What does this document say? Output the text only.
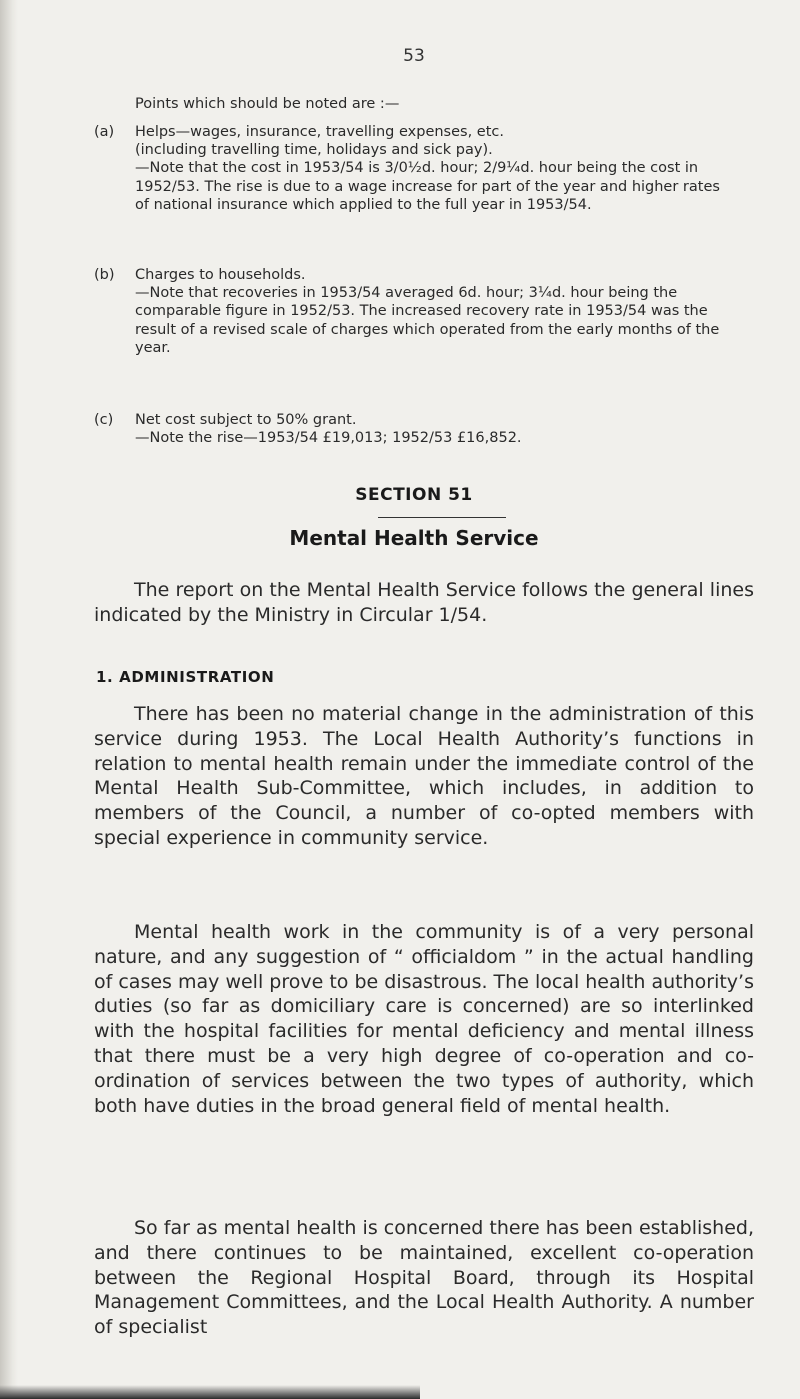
53
Points which should be noted are :—
(a)	Helps—wages, insurance, travelling expenses, etc.
(including travelling time, holidays and sick pay).
—Note that the cost in 1953/54 is 3/0½d. hour; 2/9¼d. hour being the cost in 1952/53. The rise is due to a wage increase for part of the year and higher rates of national insurance which applied to the full year in 1953/54.
(b)	Charges to households.
—Note that recoveries in 1953/54 averaged 6d. hour; 3¼d. hour being the comparable figure in 1952/53. The increased recovery rate in 1953/54 was the result of a revised scale of charges which operated from the early months of the year.
(c)	Net cost subject to 50% grant.
—Note the rise—1953/54 £19,013; 1952/53 £16,852.
SECTION 51
Mental Health Service
The report on the Mental Health Service follows the general lines indicated by the Ministry in Circular 1/54.
1. ADMINISTRATION
There has been no material change in the administration of this service during 1953. The Local Health Authority’s functions in relation to mental health remain under the immediate control of the Mental Health Sub-Committee, which includes, in addition to members of the Council, a number of co-opted members with special experience in community service.
Mental health work in the community is of a very personal nature, and any suggestion of “ officialdom ” in the actual handling of cases may well prove to be disastrous. The local health authority’s duties (so far as domiciliary care is concerned) are so interlinked with the hospital facilities for mental deficiency and mental illness that there must be a very high degree of co-operation and co-ordination of services between the two types of authority, which both have duties in the broad general field of mental health.
So far as mental health is concerned there has been established, and there continues to be maintained, excellent co-operation between the Regional Hospital Board, through its Hospital Management Committees, and the Local Health Authority. A number of specialist
